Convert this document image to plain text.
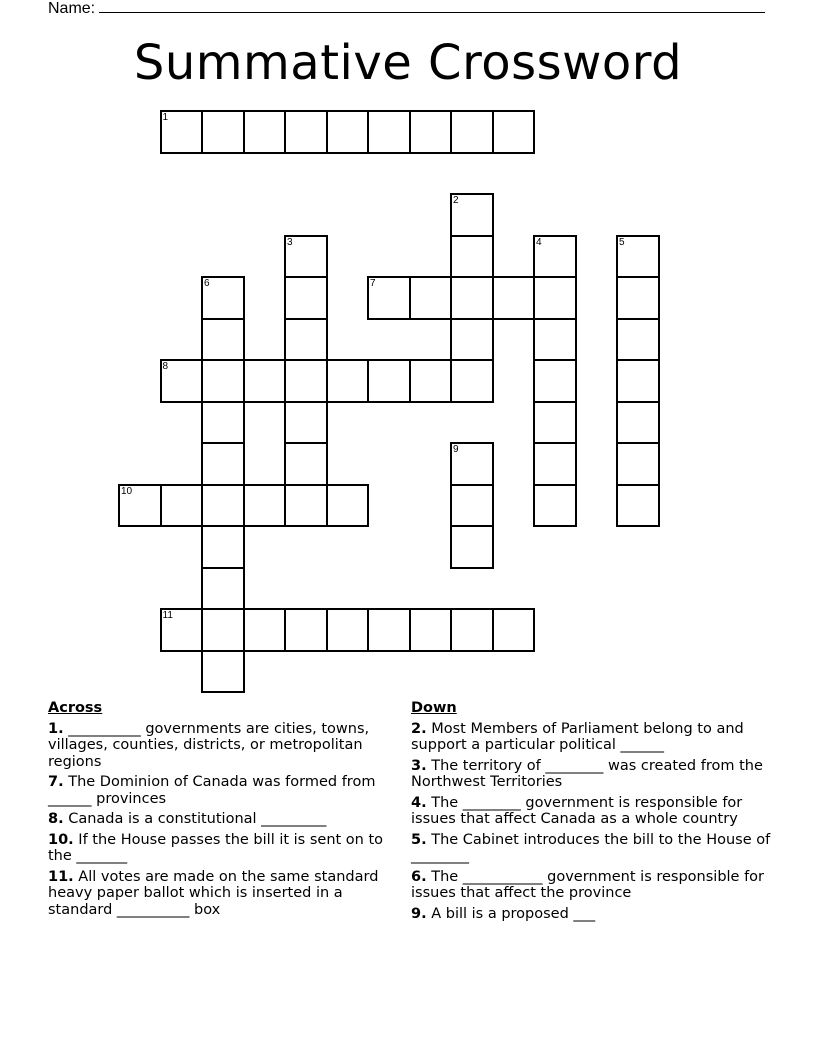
Name:
Summative Crossword
1
2
3	4	5
6	7
8
9
10
11
Across
1. __________ governments are cities, towns, villages, counties, districts, or metropolitan regions
7. The Dominion of Canada was formed from ______ provinces
8. Canada is a constitutional _________
10. If the House passes the bill it is sent on to the _______
11. All votes are made on the same standard heavy paper ballot which is inserted in a standard __________ box
Down
2. Most Members of Parliament belong to and support a particular political ______
3. The territory of ________ was created from the Northwest Territories
4. The ________ government is responsible for issues that affect Canada as a whole country
5. The Cabinet introduces the bill to the House of ________
6. The ___________ government is responsible for issues that affect the province
9. A bill is a proposed ___
